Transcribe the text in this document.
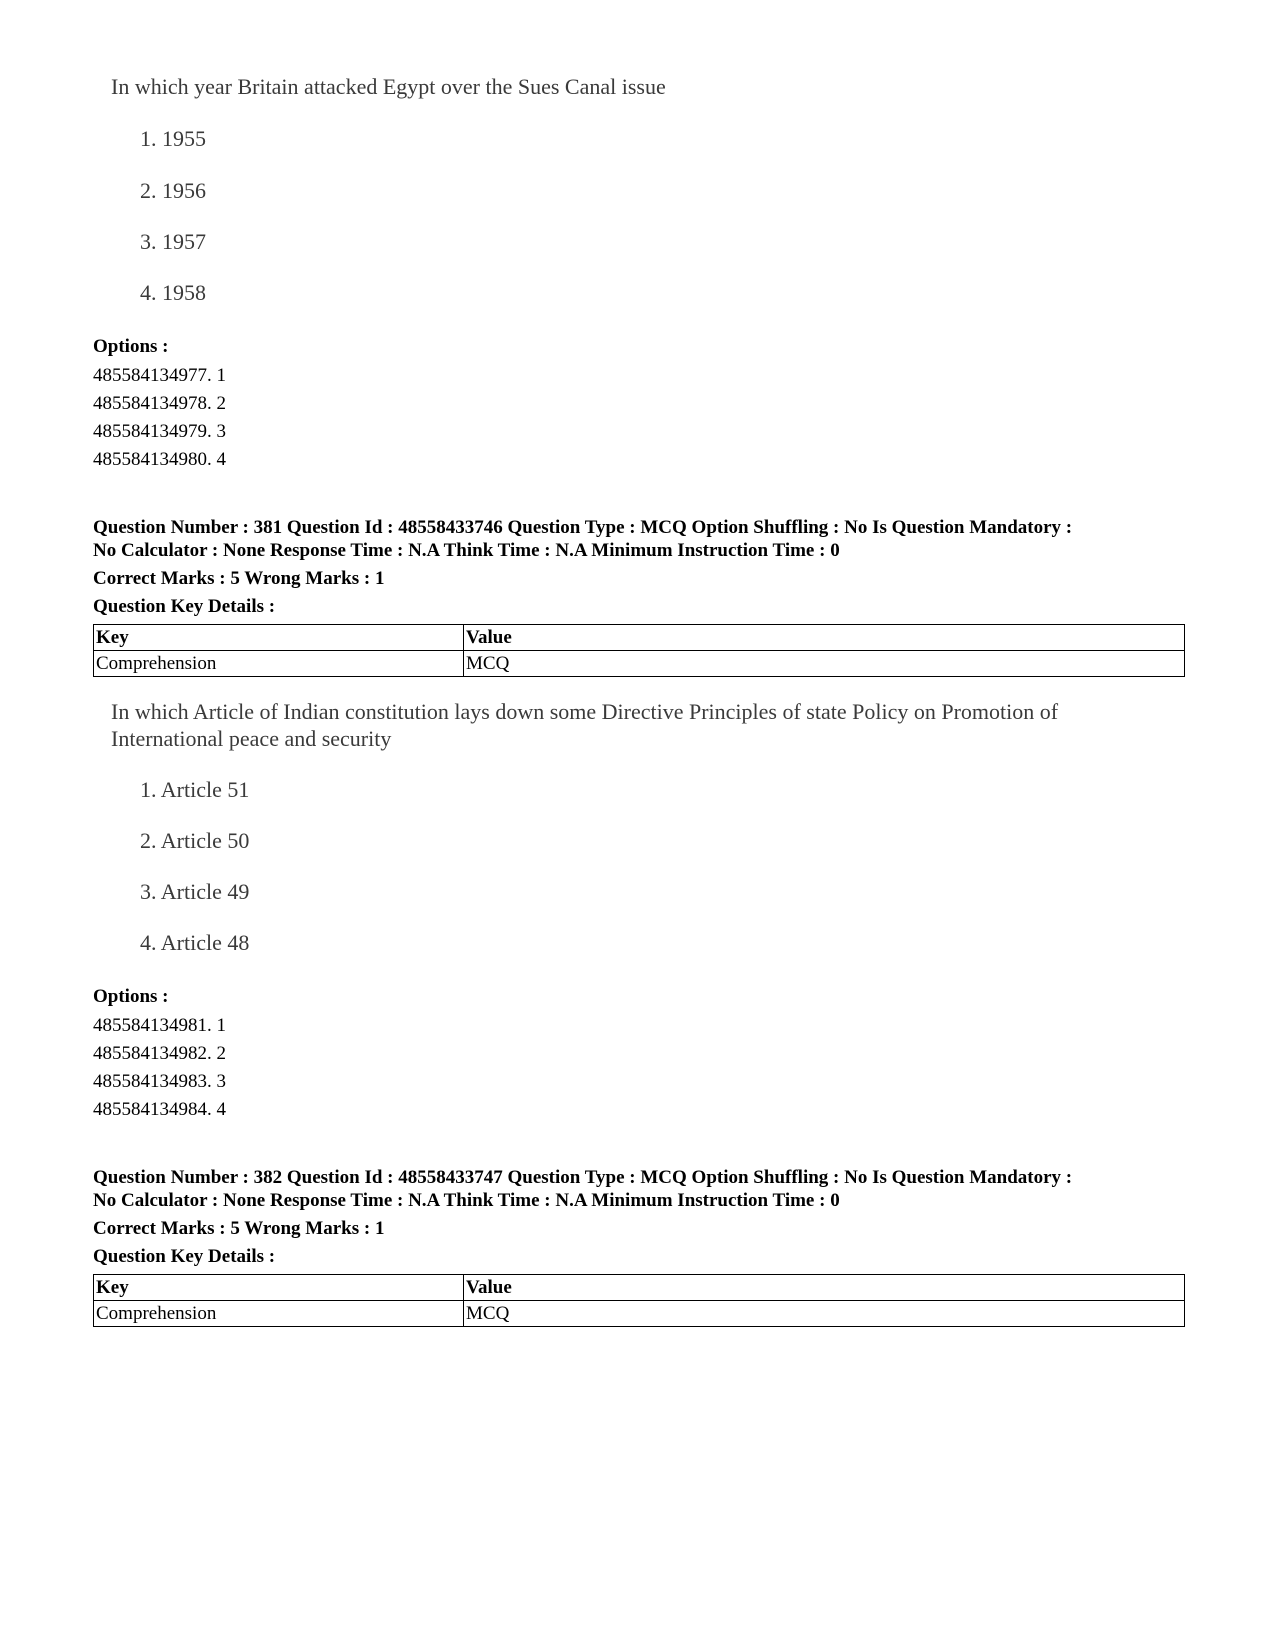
In which year Britain attacked Egypt over the Sues Canal issue
1. 1955
2. 1956
3. 1957
4. 1958
Options :
485584134977. 1
485584134978. 2
485584134979. 3
485584134980. 4
Question Number : 381 Question Id : 48558433746 Question Type : MCQ Option Shuffling : No Is Question Mandatory :
No Calculator : None Response Time : N.A Think Time : N.A Minimum Instruction Time : 0
Correct Marks : 5 Wrong Marks : 1
Question Key Details :
Key	Value
Comprehension	MCQ
In which Article of Indian constitution lays down some Directive Principles of state Policy on Promotion of International peace and security
1. Article 51
2. Article 50
3. Article 49
4. Article 48
Options :
485584134981. 1
485584134982. 2
485584134983. 3
485584134984. 4
Question Number : 382 Question Id : 48558433747 Question Type : MCQ Option Shuffling : No Is Question Mandatory :
No Calculator : None Response Time : N.A Think Time : N.A Minimum Instruction Time : 0
Correct Marks : 5 Wrong Marks : 1
Question Key Details :
Key	Value
Comprehension	MCQ
